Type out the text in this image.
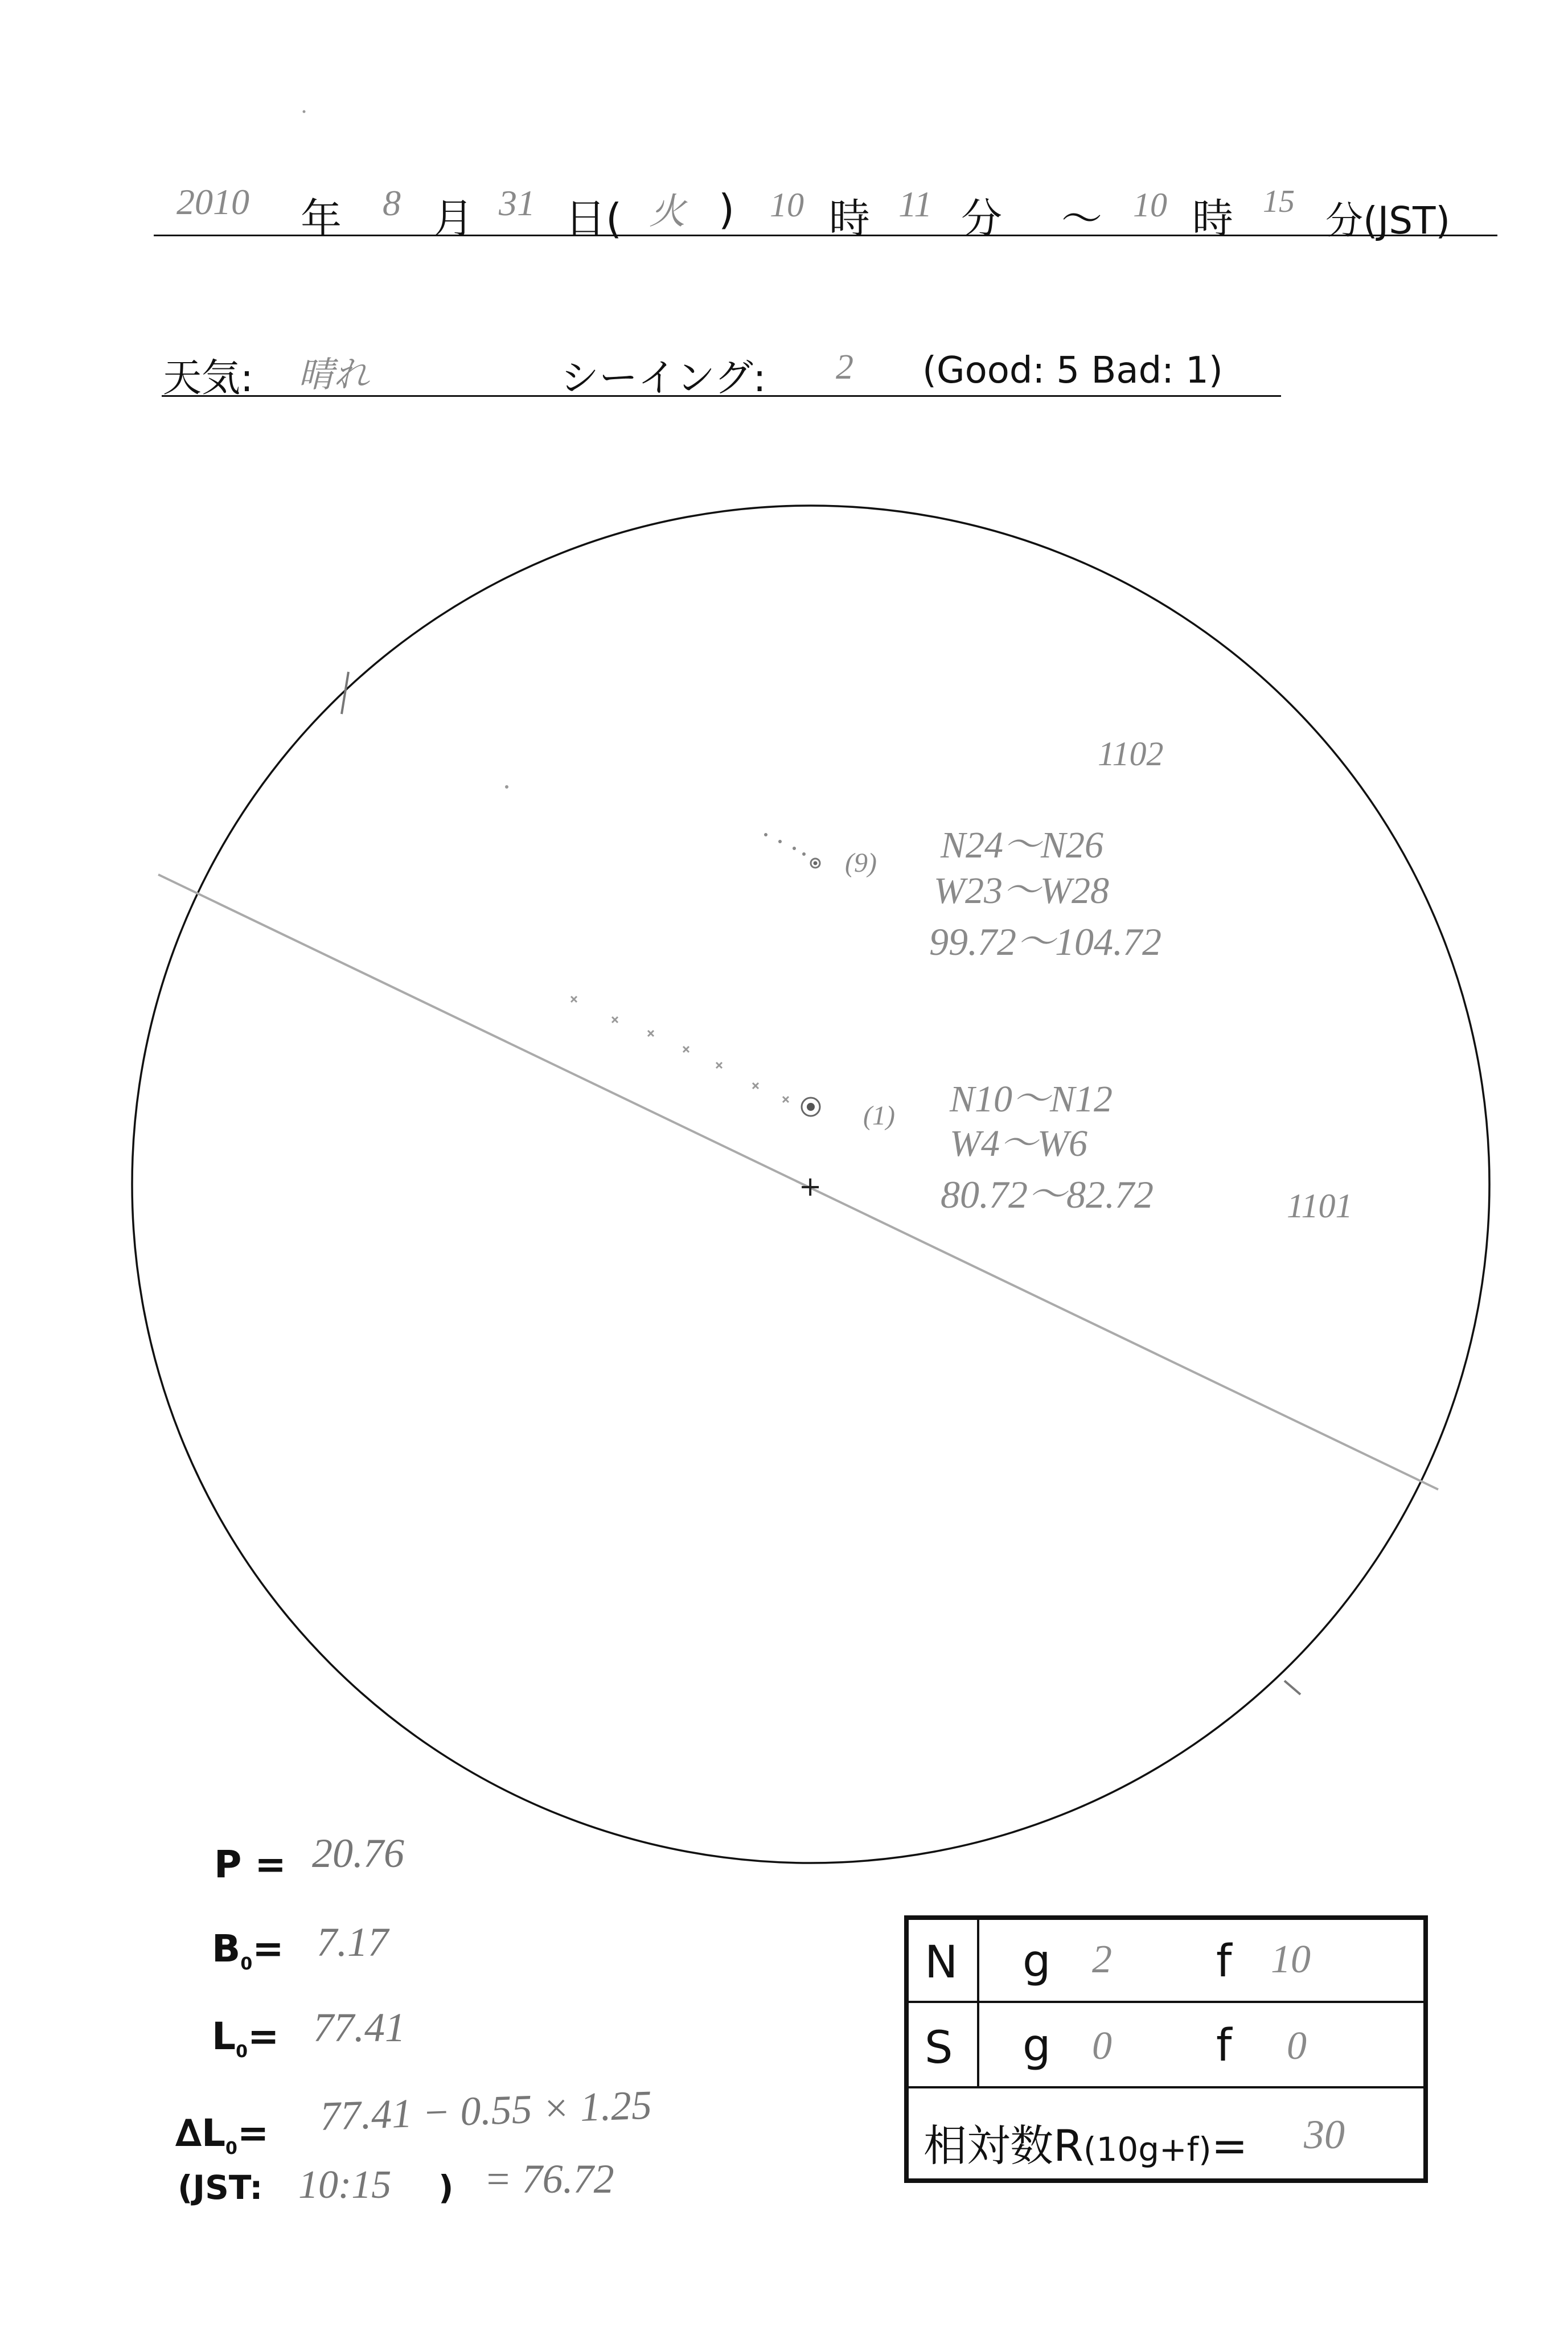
2010 年 8 月 31 日( 火 ) 10 時 11 分 〜 10 時 15 分(JST)
天気: 晴れ	シーイング: 2 (Good: 5 Bad: 1)
+
1102
(9) N24〜N26
W23〜W28
99.72〜104.72
(1) N10〜N12
W4〜W6
80.72〜82.72	1101
P = 20.76
$B_0= 7.17$
$L_0= 77.41$
$\Delta L_0= 77.41 - 0.55 \times 1.25$
(JST: 10:15 ) = 76.72
N g 2 f 10
S g 0 f 0
相対数R(10g+f)= 30
